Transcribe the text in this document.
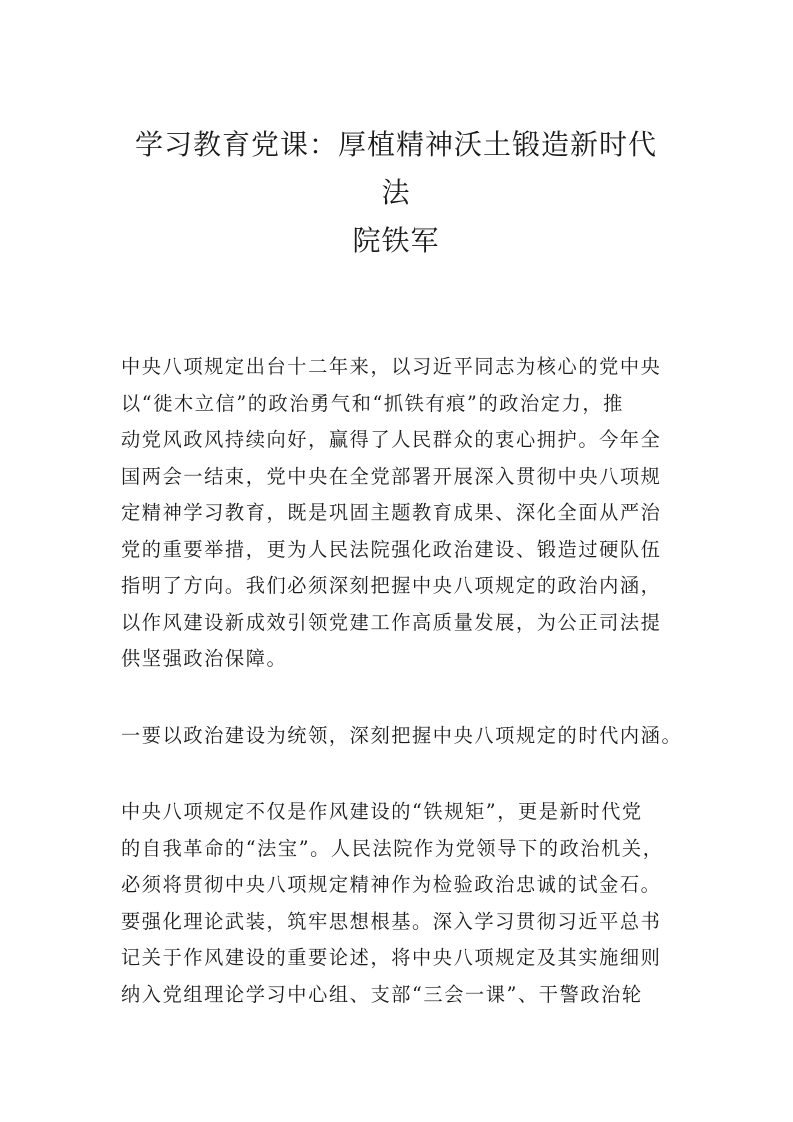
学习教育党课：厚植精神沃土锻造新时代法
院铁军

中央八项规定出台十二年来，以习近平同志为核心的党中央
以“徙木立信”的政治勇气和“抓铁有痕”的政治定力，推
动党风政风持续向好，赢得了人民群众的衷心拥护。今年全
国两会一结束，党中央在全党部署开展深入贯彻中央八项规
定精神学习教育，既是巩固主题教育成果、深化全面从严治
党的重要举措，更为人民法院强化政治建设、锻造过硬队伍
指明了方向。我们必须深刻把握中央八项规定的政治内涵，
以作风建设新成效引领党建工作高质量发展，为公正司法提
供坚强政治保障。

一要以政治建设为统领，深刻把握中央八项规定的时代内涵。

中央八项规定不仅是作风建设的“铁规矩”，更是新时代党
的自我革命的“法宝”。人民法院作为党领导下的政治机关，
必须将贯彻中央八项规定精神作为检验政治忠诚的试金石。
要强化理论武装，筑牢思想根基。深入学习贯彻习近平总书
记关于作风建设的重要论述，将中央八项规定及其实施细则
纳入党组理论学习中心组、支部“三会一课”、干警政治轮
